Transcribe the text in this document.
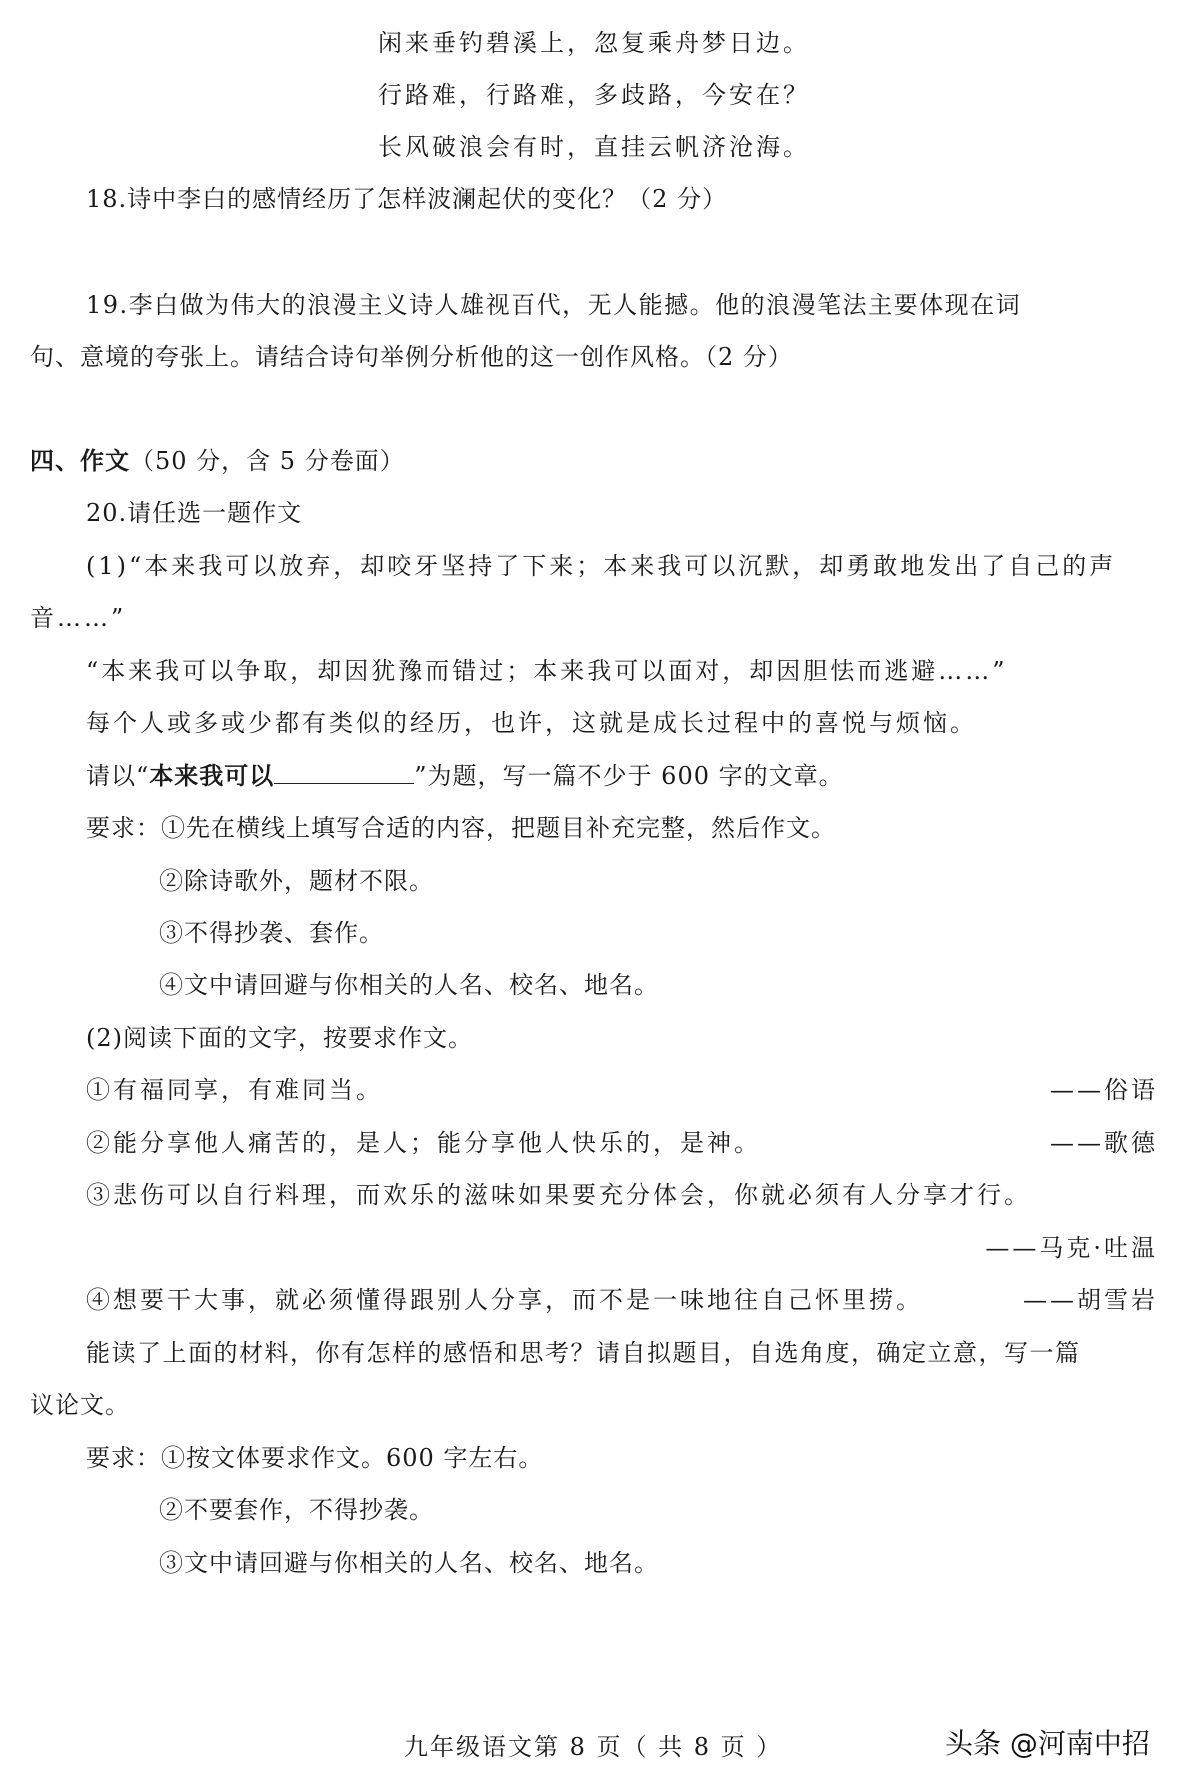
闲来垂钓碧溪上，忽复乘舟梦日边。
行路难，行路难，多歧路，今安在？
长风破浪会有时，直挂云帆济沧海。
18.诗中李白的感情经历了怎样波澜起伏的变化？（2 分）
19.李白做为伟大的浪漫主义诗人雄视百代，无人能撼。他的浪漫笔法主要体现在词
句、意境的夸张上。请结合诗句举例分析他的这一创作风格。（2 分）
四、作文（50 分，含 5 分卷面）
20.请任选一题作文
(1)“本来我可以放弃，却咬牙坚持了下来；本来我可以沉默，却勇敢地发出了自己的声
音……”
“本来我可以争取，却因犹豫而错过；本来我可以面对，却因胆怯而逃避……”
每个人或多或少都有类似的经历，也许，这就是成长过程中的喜悦与烦恼。
请以“本来我可以	”为题，写一篇不少于 600 字的文章。
要求：①先在横线上填写合适的内容，把题目补充完整，然后作文。
②除诗歌外，题材不限。
③不得抄袭、套作。
④文中请回避与你相关的人名、校名、地名。
(2)阅读下面的文字，按要求作文。
①有福同享，有难同当。	——俗语
②能分享他人痛苦的，是人；能分享他人快乐的，是神。	——歌德
③悲伤可以自行料理，而欢乐的滋味如果要充分体会，你就必须有人分享才行。
——马克·吐温
④想要干大事，就必须懂得跟别人分享，而不是一味地往自己怀里捞。	——胡雪岩
能读了上面的材料，你有怎样的感悟和思考？请自拟题目，自选角度，确定立意，写一篇
议论文。
要求：①按文体要求作文。600 字左右。
②不要套作，不得抄袭。
③文中请回避与你相关的人名、校名、地名。
九年级语文第 8 页（ 共 8 页 ）	头条 @河南中招
